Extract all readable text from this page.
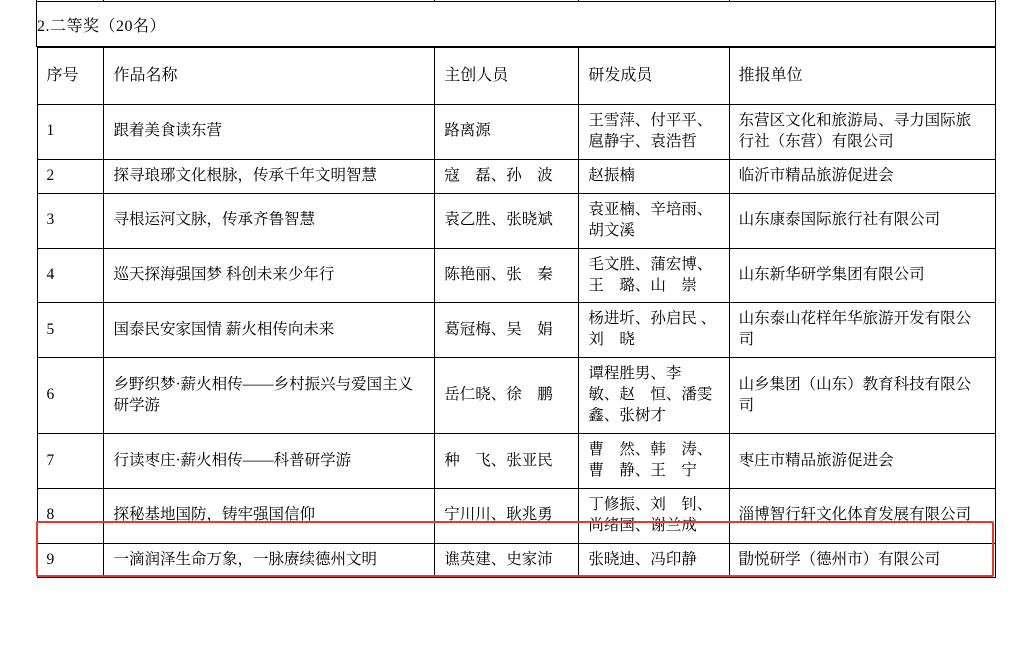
2.二等奖（20名）

序号	作品名称	主创人员	研发成员	推报单位
1	跟着美食读东营	路离源	王雪萍、付平平、扈静宇、袁浩哲	东营区文化和旅游局、寻力国际旅行社（东营）有限公司
2	探寻琅琊文化根脉，传承千年文明智慧	寇　磊、孙　波	赵振楠	临沂市精品旅游促进会
3	寻根运河文脉，传承齐鲁智慧	袁乙胜、张晓斌	袁亚楠、辛培雨、胡文溪	山东康泰国际旅行社有限公司
4	巡天探海强国梦 科创未来少年行	陈艳丽、张　秦	毛文胜、蒲宏博、王　璐、山　崇	山东新华研学集团有限公司
5	国泰民安家国情 薪火相传向未来	葛冠梅、吴　娟	杨进圻、孙启民 、刘　晓	山东泰山花样年华旅游开发有限公司
6	乡野织梦·薪火相传——乡村振兴与爱国主义研学游	岳仁晓、徐　鹏	谭程胜男、李　敏、赵　恒、潘雯鑫、张树才	山乡集团（山东）教育科技有限公司
7	行读枣庄·薪火相传——科普研学游	种　飞、张亚民	曹　然、韩　涛、曹　静、王　宁	枣庄市精品旅游促进会
8	探秘基地国防，铸牢强国信仰	宁川川、耿兆勇	丁修振、刘　钊、尚绪国、谢兰成	淄博智行轩文化体育发展有限公司
9	一滴润泽生命万象，一脉赓续德州文明	谯英建、史家沛	张晓迪、冯印静	勖悦研学（德州市）有限公司
